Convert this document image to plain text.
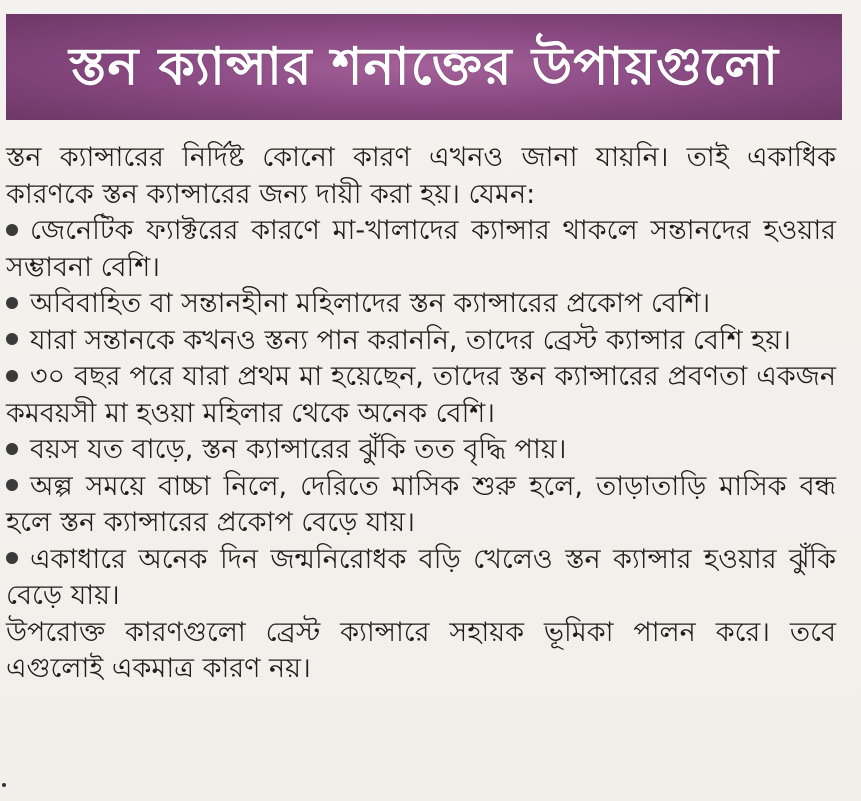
স্তন ক্যান্সার শনাক্তের উপায়গুলো

স্তন ক্যান্সারের নির্দিষ্ট কোনো কারণ এখনও জানা যায়নি। তাই একাধিক কারণকে স্তন ক্যান্সারের জন্য দায়ী করা হয়। যেমন:

জেনেটিক ফ্যাক্টরের কারণে মা-খালাদের ক্যান্সার থাকলে সন্তানদের হওয়ার সম্ভাবনা বেশি।

অবিবাহিত বা সন্তানহীনা মহিলাদের স্তন ক্যান্সারের প্রকোপ বেশি।

যারা সন্তানকে কখনও স্তন্য পান করাননি, তাদের ব্রেস্ট ক্যান্সার বেশি হয়।

৩০ বছর পরে যারা প্রথম মা হয়েছেন, তাদের স্তন ক্যান্সারের প্রবণতা একজন কমবয়সী মা হওয়া মহিলার থেকে অনেক বেশি।

বয়স যত বাড়ে, স্তন ক্যান্সারের ঝুঁকি তত বৃদ্ধি পায়।

অল্প সময়ে বাচ্চা নিলে, দেরিতে মাসিক শুরু হলে, তাড়াতাড়ি মাসিক বন্ধ হলে স্তন ক্যান্সারের প্রকোপ বেড়ে যায়।

একাধারে অনেক দিন জন্মনিরোধক বড়ি খেলেও স্তন ক্যান্সার হওয়ার ঝুঁকি বেড়ে যায়।

উপরোক্ত কারণগুলো ব্রেস্ট ক্যান্সারে সহায়ক ভূমিকা পালন করে। তবে এগুলোই একমাত্র কারণ নয়।
